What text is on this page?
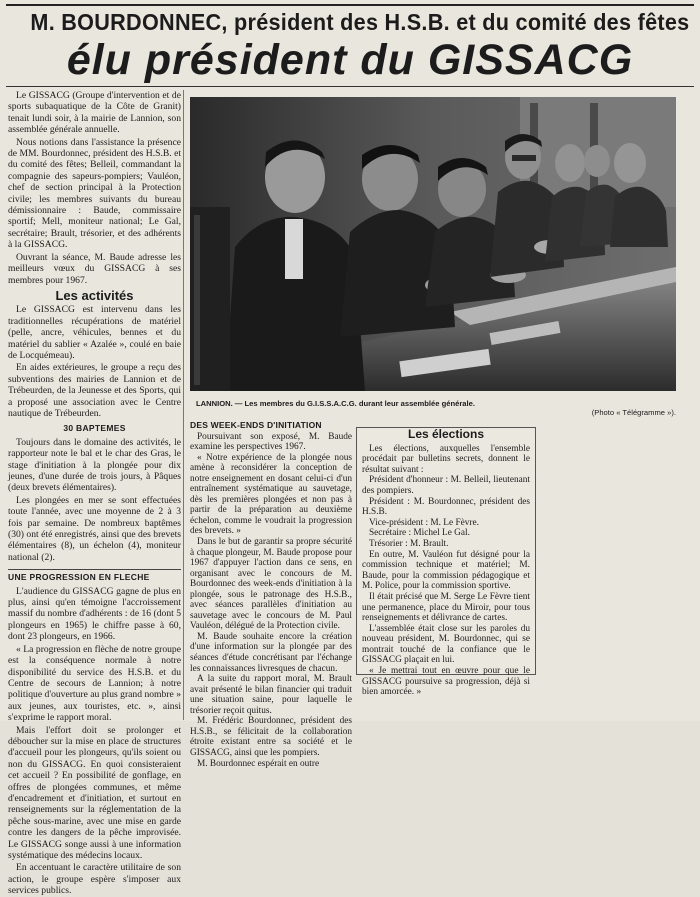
M. BOURDONNEC, président des H.S.B. et du comité des fêtes
élu président du GISSACG

Le GISSACG (Groupe d'intervention et de sports subaquatique de la Côte de Granit) tenait lundi soir, à la mairie de Lannion, son assemblée générale annuelle.

Nous notions dans l'assistance la présence de MM. Bourdonnec, président des H.S.B. et du comité des fêtes; Belleil, commandant la compagnie des sapeurs-pompiers; Vauléon, chef de section principal à la Protection civile; les membres suivants du bureau démissionnaire : Baude, commissaire sportif; Mell, moniteur national; Le Gal, secrétaire; Brault, trésorier, et des adhérents à la GISSACG.

Ouvrant la séance, M. Baude adresse les meilleurs vœux du GISSACG à ses membres pour 1967.

Les activités

Le GISSACG est intervenu dans les traditionnelles récupérations de matériel (pelle, ancre, véhicules, bennes et du matériel du sablier « Azalée », coulé en baie de Locquémeau).

En aides extérieures, le groupe a reçu des subventions des mairies de Lannion et de Trébeurden, de la Jeunesse et des Sports, qui a proposé une association avec le Centre nautique de Trébeurden.

30 BAPTEMES

Toujours dans le domaine des activités, le rapporteur note le bal et le char des Gras, le stage d'initiation à la plongée pour dix jeunes, d'une durée de trois jours, à Pâques (deux brevets élémentaires).

Les plongées en mer se sont effectuées toute l'année, avec une moyenne de 2 à 3 fois par semaine. De nombreux baptêmes (30) ont été enregistrés, ainsi que des brevets élémentaires (8), un échelon (4), moniteur national (2).

UNE PROGRESSION EN FLECHE

L'audience du GISSACG gagne de plus en plus, ainsi qu'en témoigne l'accroissement massif du nombre d'adhérents : de 16 (dont 5 plongeurs en 1965) le chiffre passe à 60, dont 23 plongeurs, en 1966.

« La progression en flèche de notre groupe est la conséquence normale à notre disponibilité du service des H.S.B. et du Centre de secours de Lannion; à notre politique d'ouverture au plus grand nombre » aux jeunes, aux touristes, etc. », ainsi s'exprime le rapport moral.

Mais l'effort doit se prolonger et déboucher sur la mise en place de structures d'accueil pour les plongeurs, qu'ils soient ou non du GISSACG. En quoi consisteraient cet accueil ? En possibilité de gonflage, en offres de plongées communes, et même d'encadrement et d'initiation, et surtout en renseignements sur la réglementation de la pêche sous-marine, avec une mise en garde contre les dangers de la pêche improvisée. Le GISSACG songe aussi à une information systématique des médecins locaux.

En accentuant le caractère utilitaire de son action, le groupe espère s'imposer aux services publics.

LANNION. — Les membres du G.I.S.S.A.C.G. durant leur assemblée générale.
(Photo « Télégramme »).
DES WEEK-ENDS D'INITIATION

Poursuivant son exposé, M. Baude examine les perspectives 1967.

« Notre expérience de la plongée nous amène à reconsidérer la conception de notre enseignement en dosant celui-ci d'un entraînement systématique au sauvetage, dès les premières plongées et non pas à partir de la préparation au deuxième échelon, comme le voudrait la progression des brevets. »

Dans le but de garantir sa propre sécurité à chaque plongeur, M. Baude propose pour 1967 d'appuyer l'action dans ce sens, en organisant avec le concours de M. Bourdonnec des week-ends d'initiation à la plongée, sous le patronage des H.S.B., avec séances parallèles d'initiation au sauvetage avec le concours de M. Paul Vauléon, délégué de la Protection civile.

M. Baude souhaite encore la création d'une information sur la plongée par des séances d'étude concrétisant par l'échange les connaissances livresques de chacun.

A la suite du rapport moral, M. Brault avait présenté le bilan financier qui traduit une situation saine, pour laquelle le trésorier reçoit quitus.

M. Frédéric Bourdonnec, président des H.S.B., se félicitait de la collaboration étroite existant entre sa société et le GISSACG, ainsi que les pompiers.

M. Bourdonnec espérait en outre

Les élections

Les élections, auxquelles l'ensemble procédait par bulletins secrets, donnent le résultat suivant :

Président d'honneur : M. Belleil, lieutenant des pompiers.

Président : M. Bourdonnec, président des H.S.B.

Vice-président : M. Le Fèvre.

Secrétaire : Michel Le Gal.

Trésorier : M. Brault.

En outre, M. Vauléon fut désigné pour la commission technique et matériel; M. Baude, pour la commission pédagogique et M. Police, pour la commission sportive.

Il était précisé que M. Serge Le Fèvre tient une permanence, place du Miroir, pour tous renseignements et délivrance de cartes.

L'assemblée était close sur les paroles du nouveau président, M. Bourdonnec, qui se montrait touché de la confiance que le GISSACG plaçait en lui.

« Je mettrai tout en œuvre pour que le GISSACG poursuive sa progression, déjà si bien amorcée. »
